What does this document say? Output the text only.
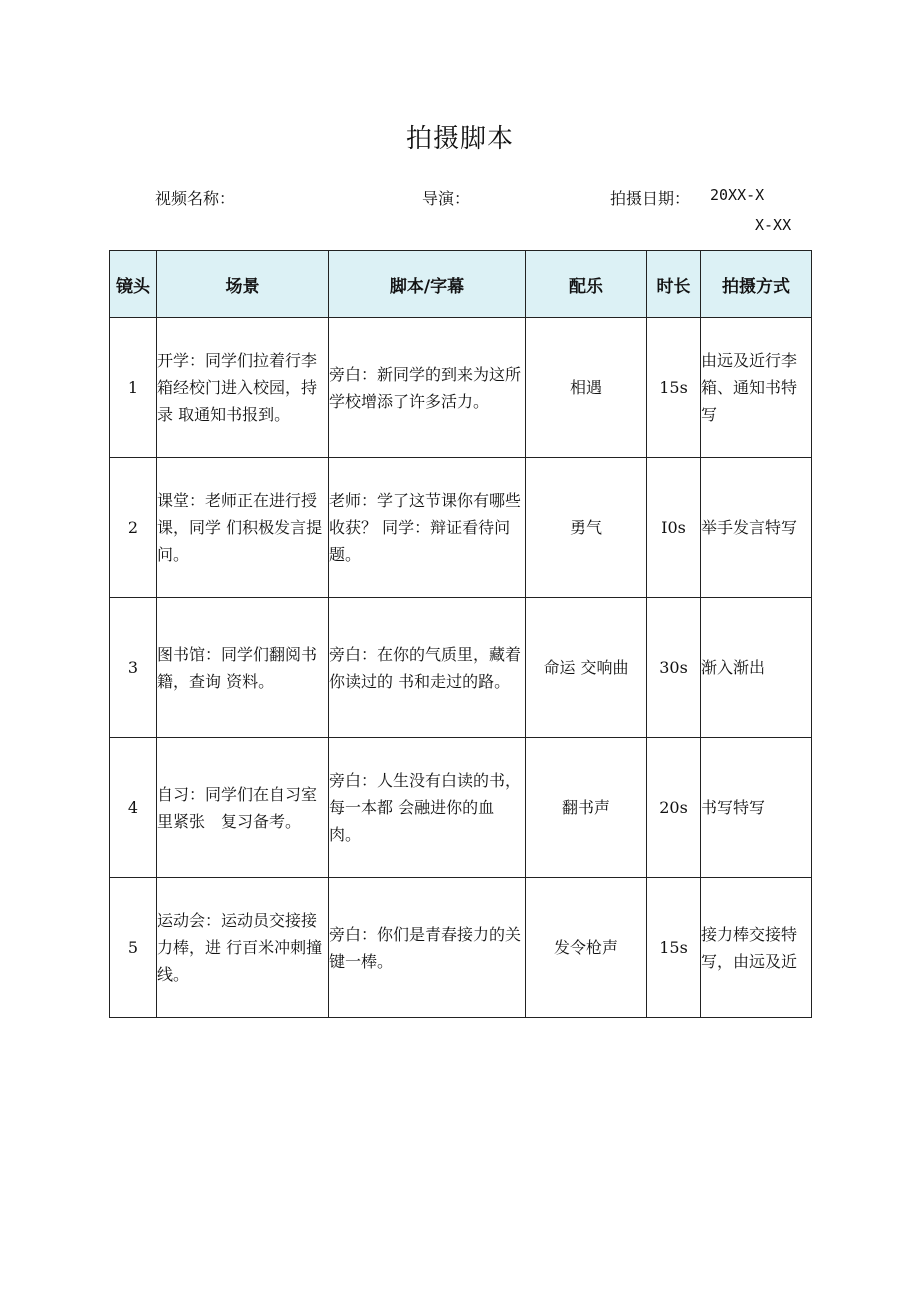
拍摄脚本
视频名称：	导演：	拍摄日期： 20XX-X
X-XX
镜头	场景	脚本/字幕	配乐	时长	拍摄方式
1	开学：同学们拉着行李箱经校门进入校园，持录 取通知书报到。	旁白：新同学的到来为这所学校增添了许多活力。	相遇	15s	由远及近行李箱、通知书特写
2	课堂：老师正在进行授课，同学 们积极发言提 问。	老师：学了这节课你有哪些收获？ 同学：辩证看待问题。	勇气	I0s	举手发言特写
3	图书馆：同学们翻阅书籍，查询 资料。	旁白：在你的气质里，藏着你读过的 书和走过的路。	命运 交响曲	30s	渐入渐出
4	自习：同学们在自习室里紧张　复习备考。	旁白：人生没有白读的书，每一本都 会融进你的血肉。	翻书声	20s	书写特写
5	运动会：运动员交接接力棒，进 行百米冲刺撞 线。	旁白：你们是青春接力的关键一棒。	发令枪声	15s	接力棒交接特写，由远及近
